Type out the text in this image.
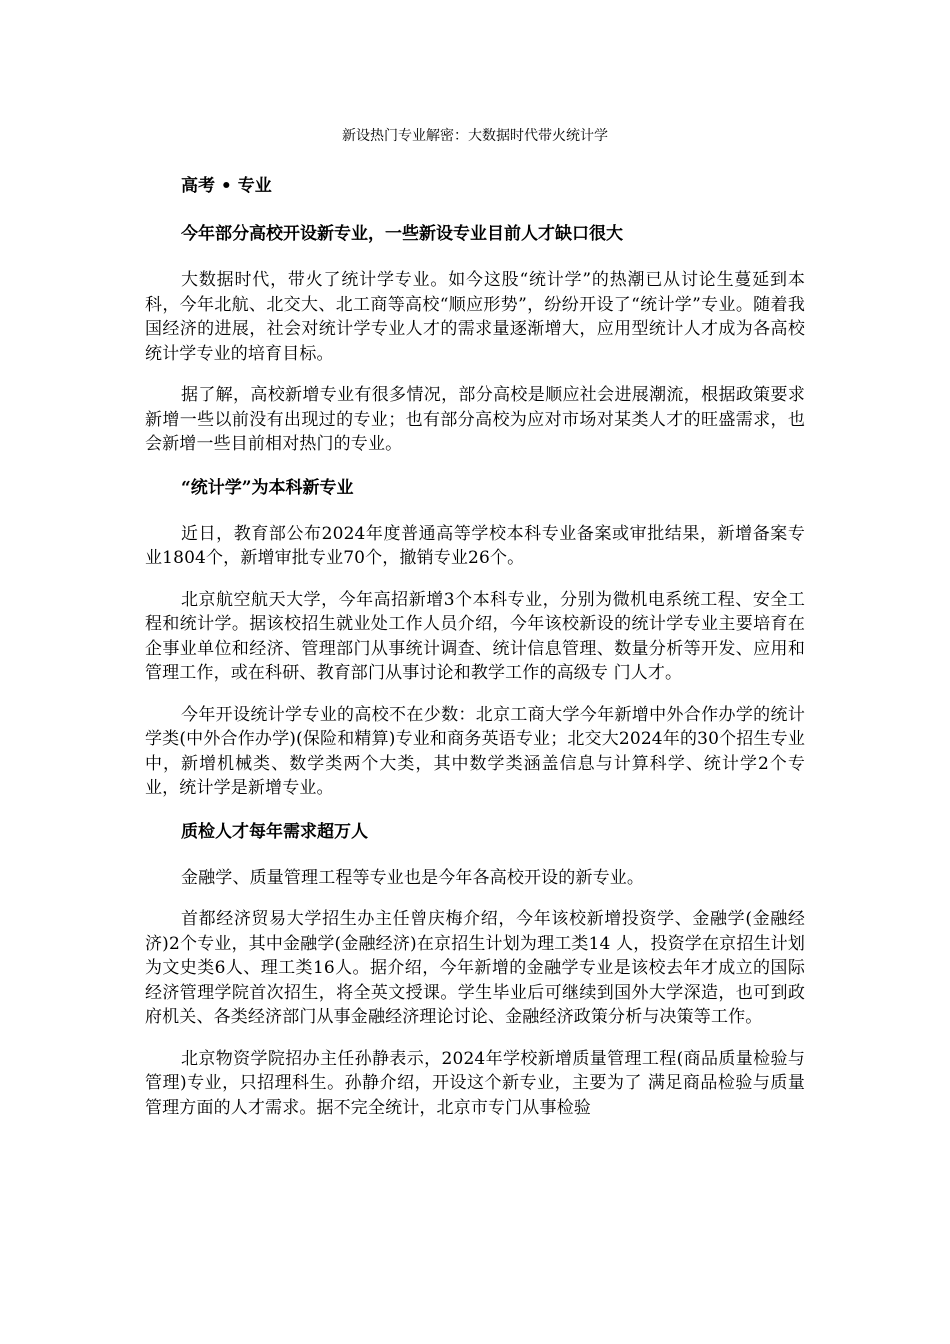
新设热门专业解密：大数据时代带火统计学
高考 • 专业
今年部分高校开设新专业，一些新设专业目前人才缺口很大

大数据时代，带火了统计学专业。如今这股“统计学”的热潮已从讨论生蔓延到本科，今年北航、北交大、北工商等高校“顺应形势”，纷纷开设了“统计学”专业。随着我国经济的进展，社会对统计学专业人才的需求量逐渐增大，应用型统计人才成为各高校统计学专业的培育目标。

据了解，高校新增专业有很多情况，部分高校是顺应社会进展潮流，根据政策要求新增一些以前没有出现过的专业；也有部分高校为应对市场对某类人才的旺盛需求，也会新增一些目前相对热门的专业。

“统计学”为本科新专业

近日，教育部公布2024年度普通高等学校本科专业备案或审批结果，新增备案专业1804个，新增审批专业70个，撤销专业26个。

北京航空航天大学，今年高招新增3个本科专业，分别为微机电系统工程、安全工程和统计学。据该校招生就业处工作人员介绍，今年该校新设的统计学专业主要培育在企事业单位和经济、管理部门从事统计调查、统计信息管理、数量分析等开发、应用和管理工作，或在科研、教育部门从事讨论和教学工作的高级专 门人才。

今年开设统计学专业的高校不在少数：北京工商大学今年新增中外合作办学的统计学类(中外合作办学)(保险和精算)专业和商务英语专业；北交大2024年的30个招生专业中，新增机械类、数学类两个大类，其中数学类涵盖信息与计算科学、统计学2个专业，统计学是新增专业。

质检人才每年需求超万人

金融学、质量管理工程等专业也是今年各高校开设的新专业。

首都经济贸易大学招生办主任曾庆梅介绍，今年该校新增投资学、金融学(金融经济)2个专业，其中金融学(金融经济)在京招生计划为理工类14 人，投资学在京招生计划为文史类6人、理工类16人。据介绍，今年新增的金融学专业是该校去年才成立的国际经济管理学院首次招生，将全英文授课。学生毕业后可继续到国外大学深造，也可到政府机关、各类经济部门从事金融经济理论讨论、金融经济政策分析与决策等工作。

北京物资学院招办主任孙静表示，2024年学校新增质量管理工程(商品质量检验与管理)专业，只招理科生。孙静介绍，开设这个新专业，主要为了 满足商品检验与质量管理方面的人才需求。据不完全统计，北京市专门从事检验
